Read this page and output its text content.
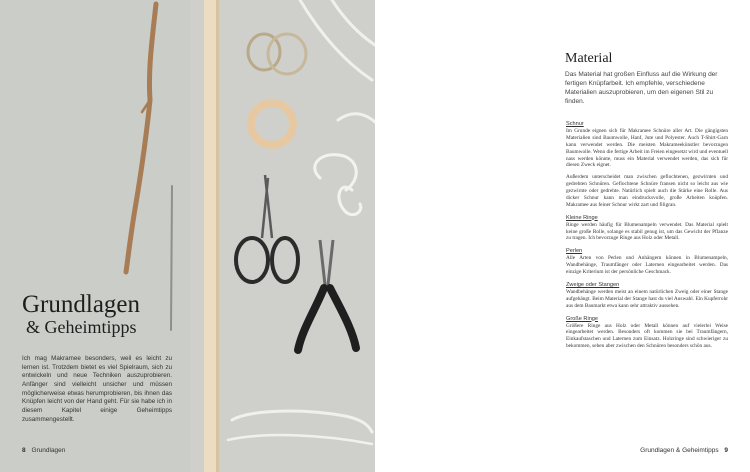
Grundlagen
& Geheimtipps

Ich mag Makramee besonders, weil es leicht zu lernen ist. Trotzdem bietet es viel Spielraum, sich zu entwickeln und neue Techniken auszuprobieren. Anfänger sind vielleicht unsicher und müssen möglicherweise etwas herumprobieren, bis ihnen das Knüpfen leicht von der Hand geht. Für sie habe ich in diesem Kapitel einige Geheimtipps zusammengestellt.

8 Grundlagen
Material

Das Material hat großen Einfluss auf die Wirkung der fertigen Knüpfarbeit. Ich empfehle, verschiedene Materialien auszuprobieren, um den eigenen Stil zu finden.

Schnur

Im Grunde eignen sich für Makramee Schnüre aller Art. Die gängigsten Materialien sind Baumwolle, Hanf, Jute und Polyester. Auch T-Shirt-Garn kann verwendet werden. Die meisten Makrameekünstler bevorzugen Baumwolle. Wenn die fertige Arbeit im Freien eingesetzt wird und eventuell nass werden könnte, muss ein Material verwendet werden, das sich für diesen Zweck eignet.

Außerdem unterscheidet man zwischen geflochtenen, gezwirnten und gedrehten Schnüren. Geflochtene Schnüre fransen nicht so leicht aus wie gezwirnte oder gedrehte. Natürlich spielt auch die Stärke eine Rolle. Aus dicker Schnur kann man eindrucksvolle, große Arbeiten knüpfen. Makramee aus feiner Schnur wirkt zart und filigran.

Kleine Ringe

Ringe werden häufig für Blumenampeln verwendet. Das Material spielt keine große Rolle, solange es stabil genug ist, um das Gewicht der Pflanze zu tragen. Ich bevorzuge Ringe aus Holz oder Metall.

Perlen

Alle Arten von Perlen und Anhängern können in Blumenampeln, Wandbehänge, Traumfänger oder Laternen eingearbeitet werden. Das einzige Kriterium ist der persönliche Geschmack.

Zweige oder Stangen

Wandbehänge werden meist an einem natürlichen Zweig oder einer Stange aufgehängt. Beim Material der Stange hast du viel Auswahl. Ein Kupferrohr aus dem Baumarkt etwa kann sehr attraktiv aussehen.

Große Ringe

Größere Ringe aus Holz oder Metall können auf vielerlei Weise eingearbeitet werden. Besonders oft kommen sie bei Traumfängern, Einkaufstaschen und Laternen zum Einsatz. Holzringe sind schwieriger zu bekommen, sehen aber zwischen den Schnüren besonders schön aus.

Grundlagen & Geheimtipps 9
